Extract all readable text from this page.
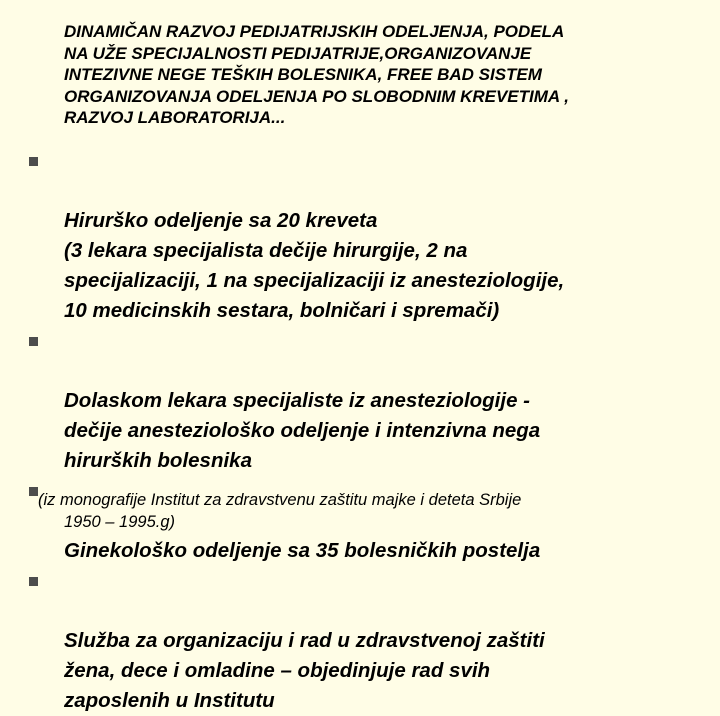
DINAMIČAN RAZVOJ PEDIJATRIJSKIH ODELJENJA, PODELA
NA UŽE SPECIJALNOSTI PEDIJATRIJE,ORGANIZOVANJE
INTEZIVNE NEGE TEŠKIH BOLESNIKA, FREE BAD SISTEM
ORGANIZOVANJA ODELJENJA PO SLOBODNIM KREVETIMA ,
RAZVOJ LABORATORIJA...

Hirurško odeljenje sa 20 kreveta
(3 lekara specijalista dečije hirurgije, 2 na
specijalizaciji, 1 na specijalizaciji iz anesteziologije,
10 medicinskih sestara, bolničari i spremači)

Dolaskom lekara specijaliste iz anesteziologije -
dečije anesteziološko odeljenje i intenzivna nega
hiruršk​ih bolesnika

Ginekološko odeljenje sa 35 bolesničkih postelja

Služba za organizaciju i rad u zdravstvenoj zaštiti
žena, dece i omladine – objedinjuje rad svih
zaposlenih u Institutu

(iz monografije Institut za zdravstvenu zaštitu majke i deteta Srbije
1950 – 1995.g)
